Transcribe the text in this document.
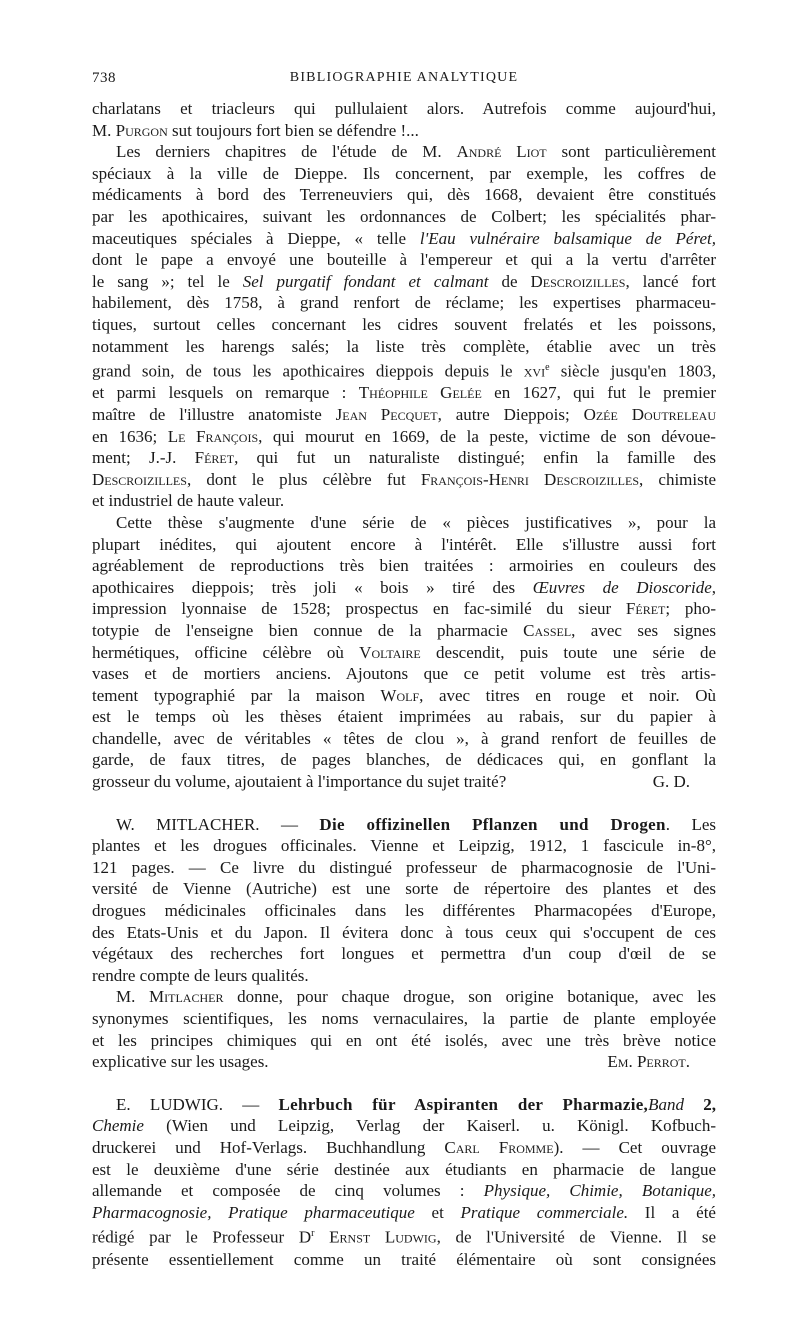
738	BIBLIOGRAPHIE ANALYTIQUE
charlatans et triacleurs qui pullulaient alors. Autrefois comme aujourd'hui,
M. Purgon sut toujours fort bien se défendre !...
Les derniers chapitres de l'étude de M. André Liot sont particulièrement
spéciaux à la ville de Dieppe. Ils concernent, par exemple, les coffres de
médicaments à bord des Terreneuviers qui, dès 1668, devaient être constitués
par les apothicaires, suivant les ordonnances de Colbert; les spécialités phar-
maceutiques spéciales à Dieppe, « telle l'Eau vulnéraire balsamique de Péret,
dont le pape a envoyé une bouteille à l'empereur et qui a la vertu d'arrêter
le sang »; tel le Sel purgatif fondant et calmant de Descroizilles, lancé fort
habilement, dès 1758, à grand renfort de réclame; les expertises pharmaceu-
tiques, surtout celles concernant les cidres souvent frelatés et les poissons,
notamment les harengs salés; la liste très complète, établie avec un très
grand soin, de tous les apothicaires dieppois depuis le xvi$^e$ siècle jusqu'en 1803,
et parmi lesquels on remarque : Théophile Gelée en 1627, qui fut le premier
maître de l'illustre anatomiste Jean Pecquet, autre Dieppois; Ozée Doutreleau
en 1636; Le François, qui mourut en 1669, de la peste, victime de son dévoue-
ment; J.-J. Féret, qui fut un naturaliste distingué; enfin la famille des
Descroizilles, dont le plus célèbre fut François-Henri Descroizilles, chimiste
et industriel de haute valeur.
Cette thèse s'augmente d'une série de « pièces justificatives », pour la
plupart inédites, qui ajoutent encore à l'intérêt. Elle s'illustre aussi fort
agréablement de reproductions très bien traitées : armoiries en couleurs des
apothicaires dieppois; très joli « bois » tiré des Œuvres de Dioscoride,
impression lyonnaise de 1528; prospectus en fac-similé du sieur Féret; pho-
totypie de l'enseigne bien connue de la pharmacie Cassel, avec ses signes
hermétiques, officine célèbre où Voltaire descendit, puis toute une série de
vases et de mortiers anciens. Ajoutons que ce petit volume est très artis-
tement typographié par la maison Wolf, avec titres en rouge et noir. Où
est le temps où les thèses étaient imprimées au rabais, sur du papier à
chandelle, avec de véritables « têtes de clou », à grand renfort de feuilles de
garde, de faux titres, de pages blanches, de dédicaces qui, en gonflant la
grosseur du volume, ajoutaient à l'importance du sujet traité?	G. D.
W. MITLACHER. — Die offizinellen Pflanzen und Drogen. Les
plantes et les drogues officinales. Vienne et Leipzig, 1912, 1 fascicule in-8°,
121 pages. — Ce livre du distingué professeur de pharmacognosie de l'Uni-
versité de Vienne (Autriche) est une sorte de répertoire des plantes et des
drogues médicinales officinales dans les différentes Pharmacopées d'Europe,
des Etats-Unis et du Japon. Il évitera donc à tous ceux qui s'occupent de ces
végétaux des recherches fort longues et permettra d'un coup d'œil de se
rendre compte de leurs qualités.
M. Mitlacher donne, pour chaque drogue, son origine botanique, avec les
synonymes scientifiques, les noms vernaculaires, la partie de plante employée
et les principes chimiques qui en ont été isolés, avec une très brève notice
explicative sur les usages.	Em. Perrot.
E. LUDWIG. — Lehrbuch für Aspiranten der Pharmazie,Band 2,
Chemie (Wien und Leipzig, Verlag der Kaiserl. u. Königl. Kofbuch-
druckerei und Hof-Verlags. Buchhandlung Carl Fromme). — Cet ouvrage
est le deuxième d'une série destinée aux étudiants en pharmacie de langue
allemande et composée de cinq volumes : Physique, Chimie, Botanique,
Pharmacognosie, Pratique pharmaceutique et Pratique commerciale. Il a été
rédigé par le Professeur $D^r$ Ernst Ludwig, de l'Université de Vienne. Il se
présente essentiellement comme un traité élémentaire où sont consignées
